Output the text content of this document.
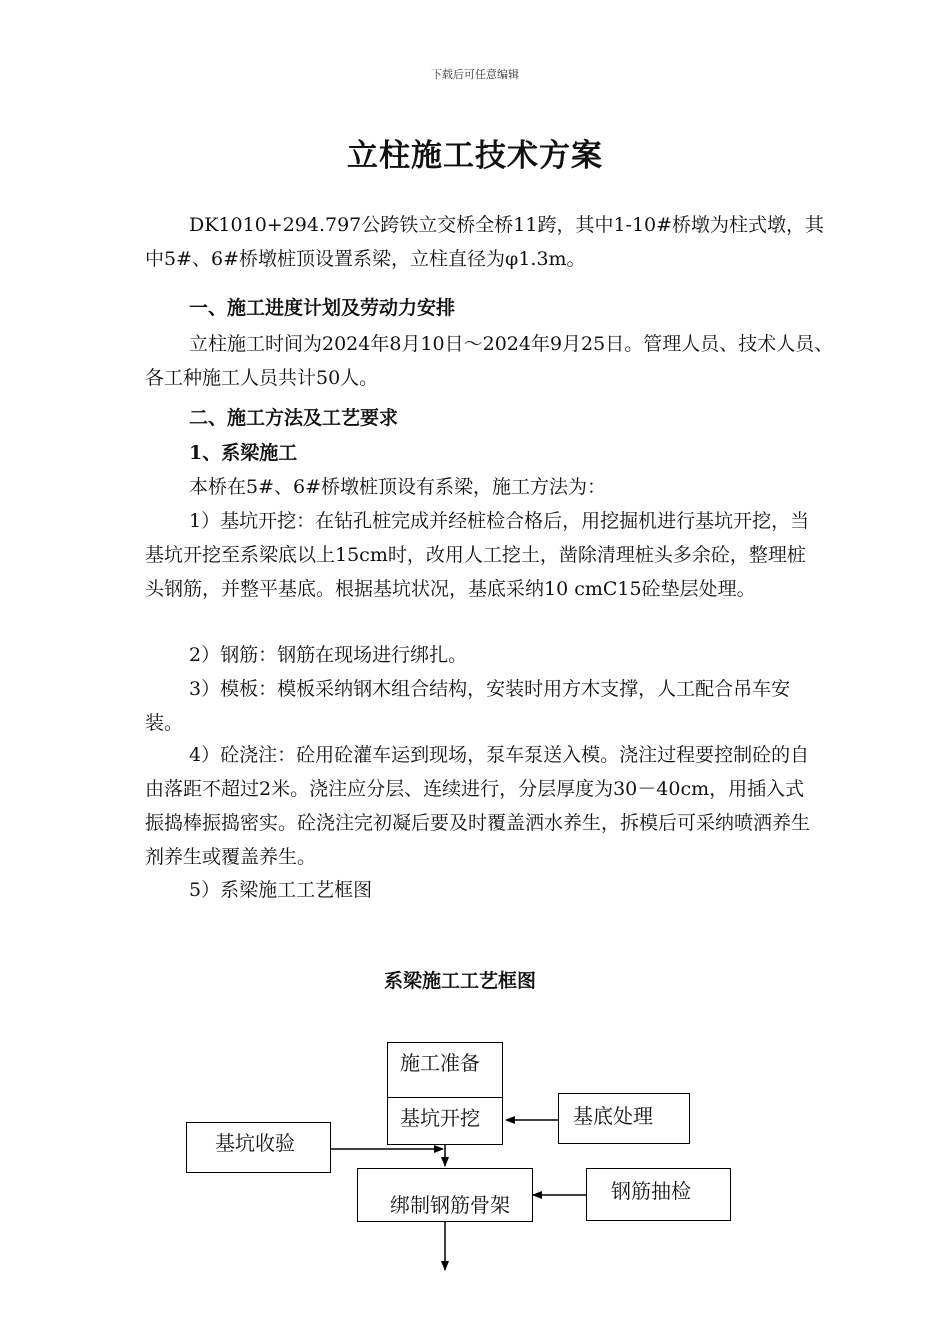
下载后可任意编辑
立柱施工技术方案

DK1010+294.797公跨铁立交桥全桥11跨，其中1-10#桥墩为柱式墩，其中5#、6#桥墩桩顶设置系梁，立柱直径为φ1.3m。

一、施工进度计划及劳动力安排

立柱施工时间为2024年8月10日～2024年9月25日。管理人员、技术人员、各工种施工人员共计50人。

二、施工方法及工艺要求
1、系梁施工

本桥在5#、6#桥墩桩顶设有系梁，施工方法为：

1）基坑开挖：在钻孔桩完成并经桩检合格后，用挖掘机进行基坑开挖，当基坑开挖至系梁底以上15cm时，改用人工挖土，凿除清理桩头多余砼，整理桩头钢筋，并整平基底。根据基坑状况，基底采纳10 cmC15砼垫层处理。

2）钢筋：钢筋在现场进行绑扎。

3）模板：模板采纳钢木组合结构，安装时用方木支撑，人工配合吊车安装。

4）砼浇注：砼用砼灌车运到现场，泵车泵送入模。浇注过程要控制砼的自由落距不超过2米。浇注应分层、连续进行，分层厚度为30－40cm，用插入式振捣棒振捣密实。砼浇注完初凝后要及时覆盖洒水养生，拆模后可采纳喷洒养生剂养生或覆盖养生。

5）系梁施工工艺框图

系梁施工工艺框图
施工准备
基坑开挖	基底处理
基坑收验
绑制钢筋骨架
钢筋抽检
